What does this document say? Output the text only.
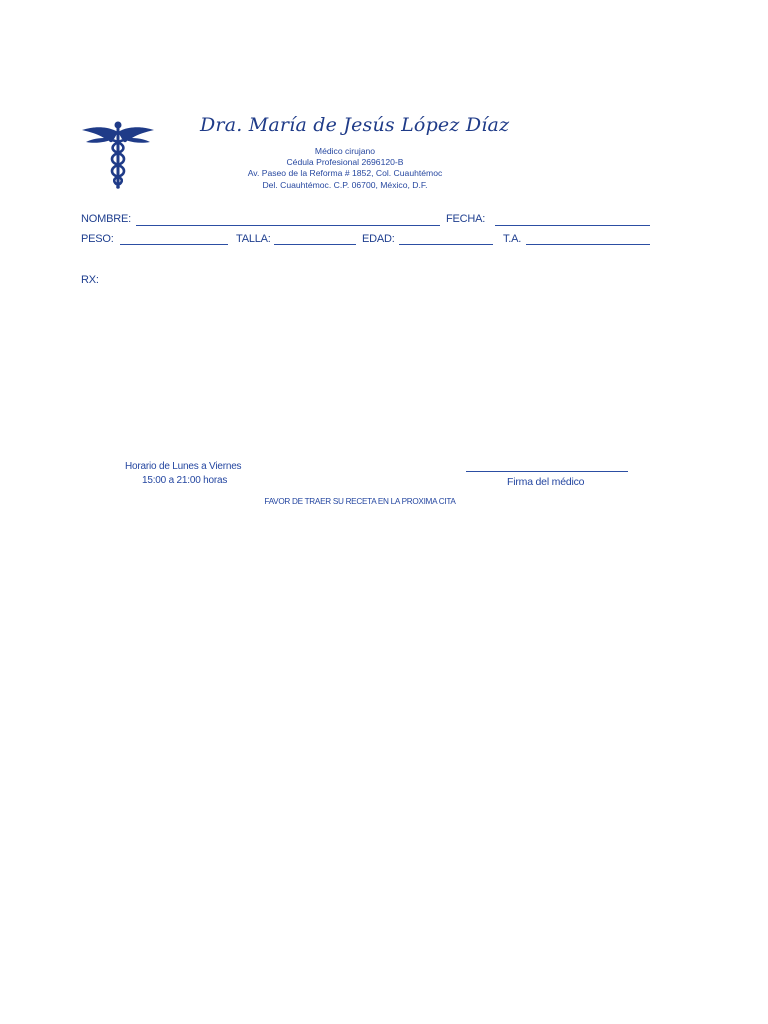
Dra. María de Jesús López Díaz
Médico cirujano
Cédula Profesional 2696120-B
Av. Paseo de la Reforma # 1852, Col. Cuauhtémoc
Del. Cuauhtémoc. C.P. 06700, México, D.F.
NOMBRE:	FECHA:
PESO:	TALLA:	EDAD:	T.A.
RX:
Horario de Lunes a Viernes
15:00 a 21:00 horas	Firma del médico
FAVOR DE TRAER SU RECETA EN LA PROXIMA CITA
